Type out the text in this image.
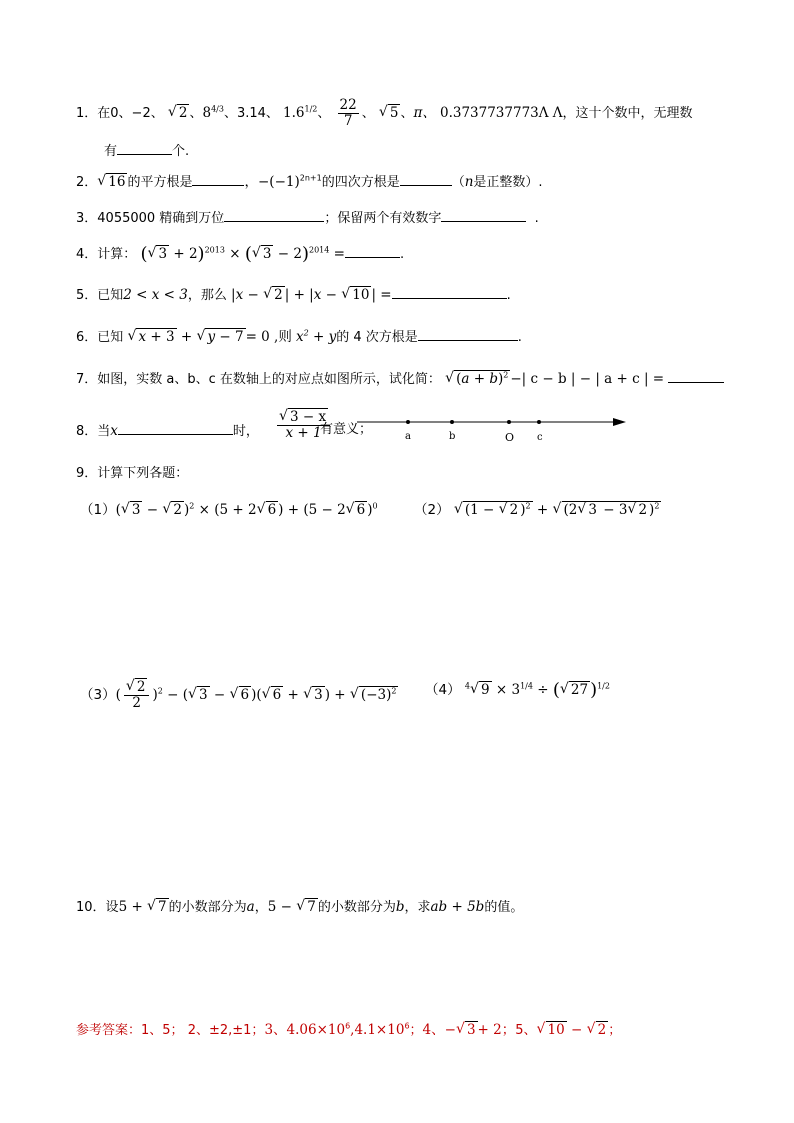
1．在0、−2、 √ 2 、$8^{4/3}$、3.14、 $1.6^{1/2}$、 $\frac{22}{7}$ 、 √ 5 、π、 0.3737737773Λ Λ，这十个数中，无理数
有	个.
2． √ 16 的平方根是	，$-(-1)^{2n+1}$的四次方根是	（n是正整数）.
3．4055000 精确到万位	；保留两个有效数字	.
4．计算： ( √ 3 + 2)$^{2013}$ × ( √ 3 − 2)$^{2014}$ =	.
5．已知2 < x < 3，那么 |x − √ 2 | + |x − √ 10 | =	.
6．已知 √ x + 3 + √ y − 7 = 0 ,则 $x^2 + y$的 4 次方根是	.
7．如图，实数 a、b、c 在数轴上的对应点如图所示，试化简： √ $(a + b)^2$ −| c − b | − | a + c | =
8．当x	时， √ $\frac{3 - x}{x + 1}$
有意义；	a	b	O c
9．计算下列各题：
（1）( √ 3 − √ 2 )$^2$ × (5 + 2 √ 6 ) + (5 − 2 √ 6 )$^0$	（2） √ (1 − √ 2 )$^2$ + √ (2 √ 3 − 3 √ 2 )$^2$
（3）( √ $\frac{2}{2} )^2$ − ( √ 3 − √ 6 )( √ 6 + √ 3 ) + √ $(-3)^2$ （4） $^4$ √ $9 \times 3^{1/4}$ ÷ ( √ 27 )$^{1/2}$
10．设5 + √ 7 的小数部分为a，5 − √ 7 的小数部分为b，求ab + 5b的值。
参考答案：1、5； 2、±2,±1；3、$4.06\times 10^6,4.1\times 10^6$；4、− √ 3 + 2；5、 √ 10 − √ 2 ；
